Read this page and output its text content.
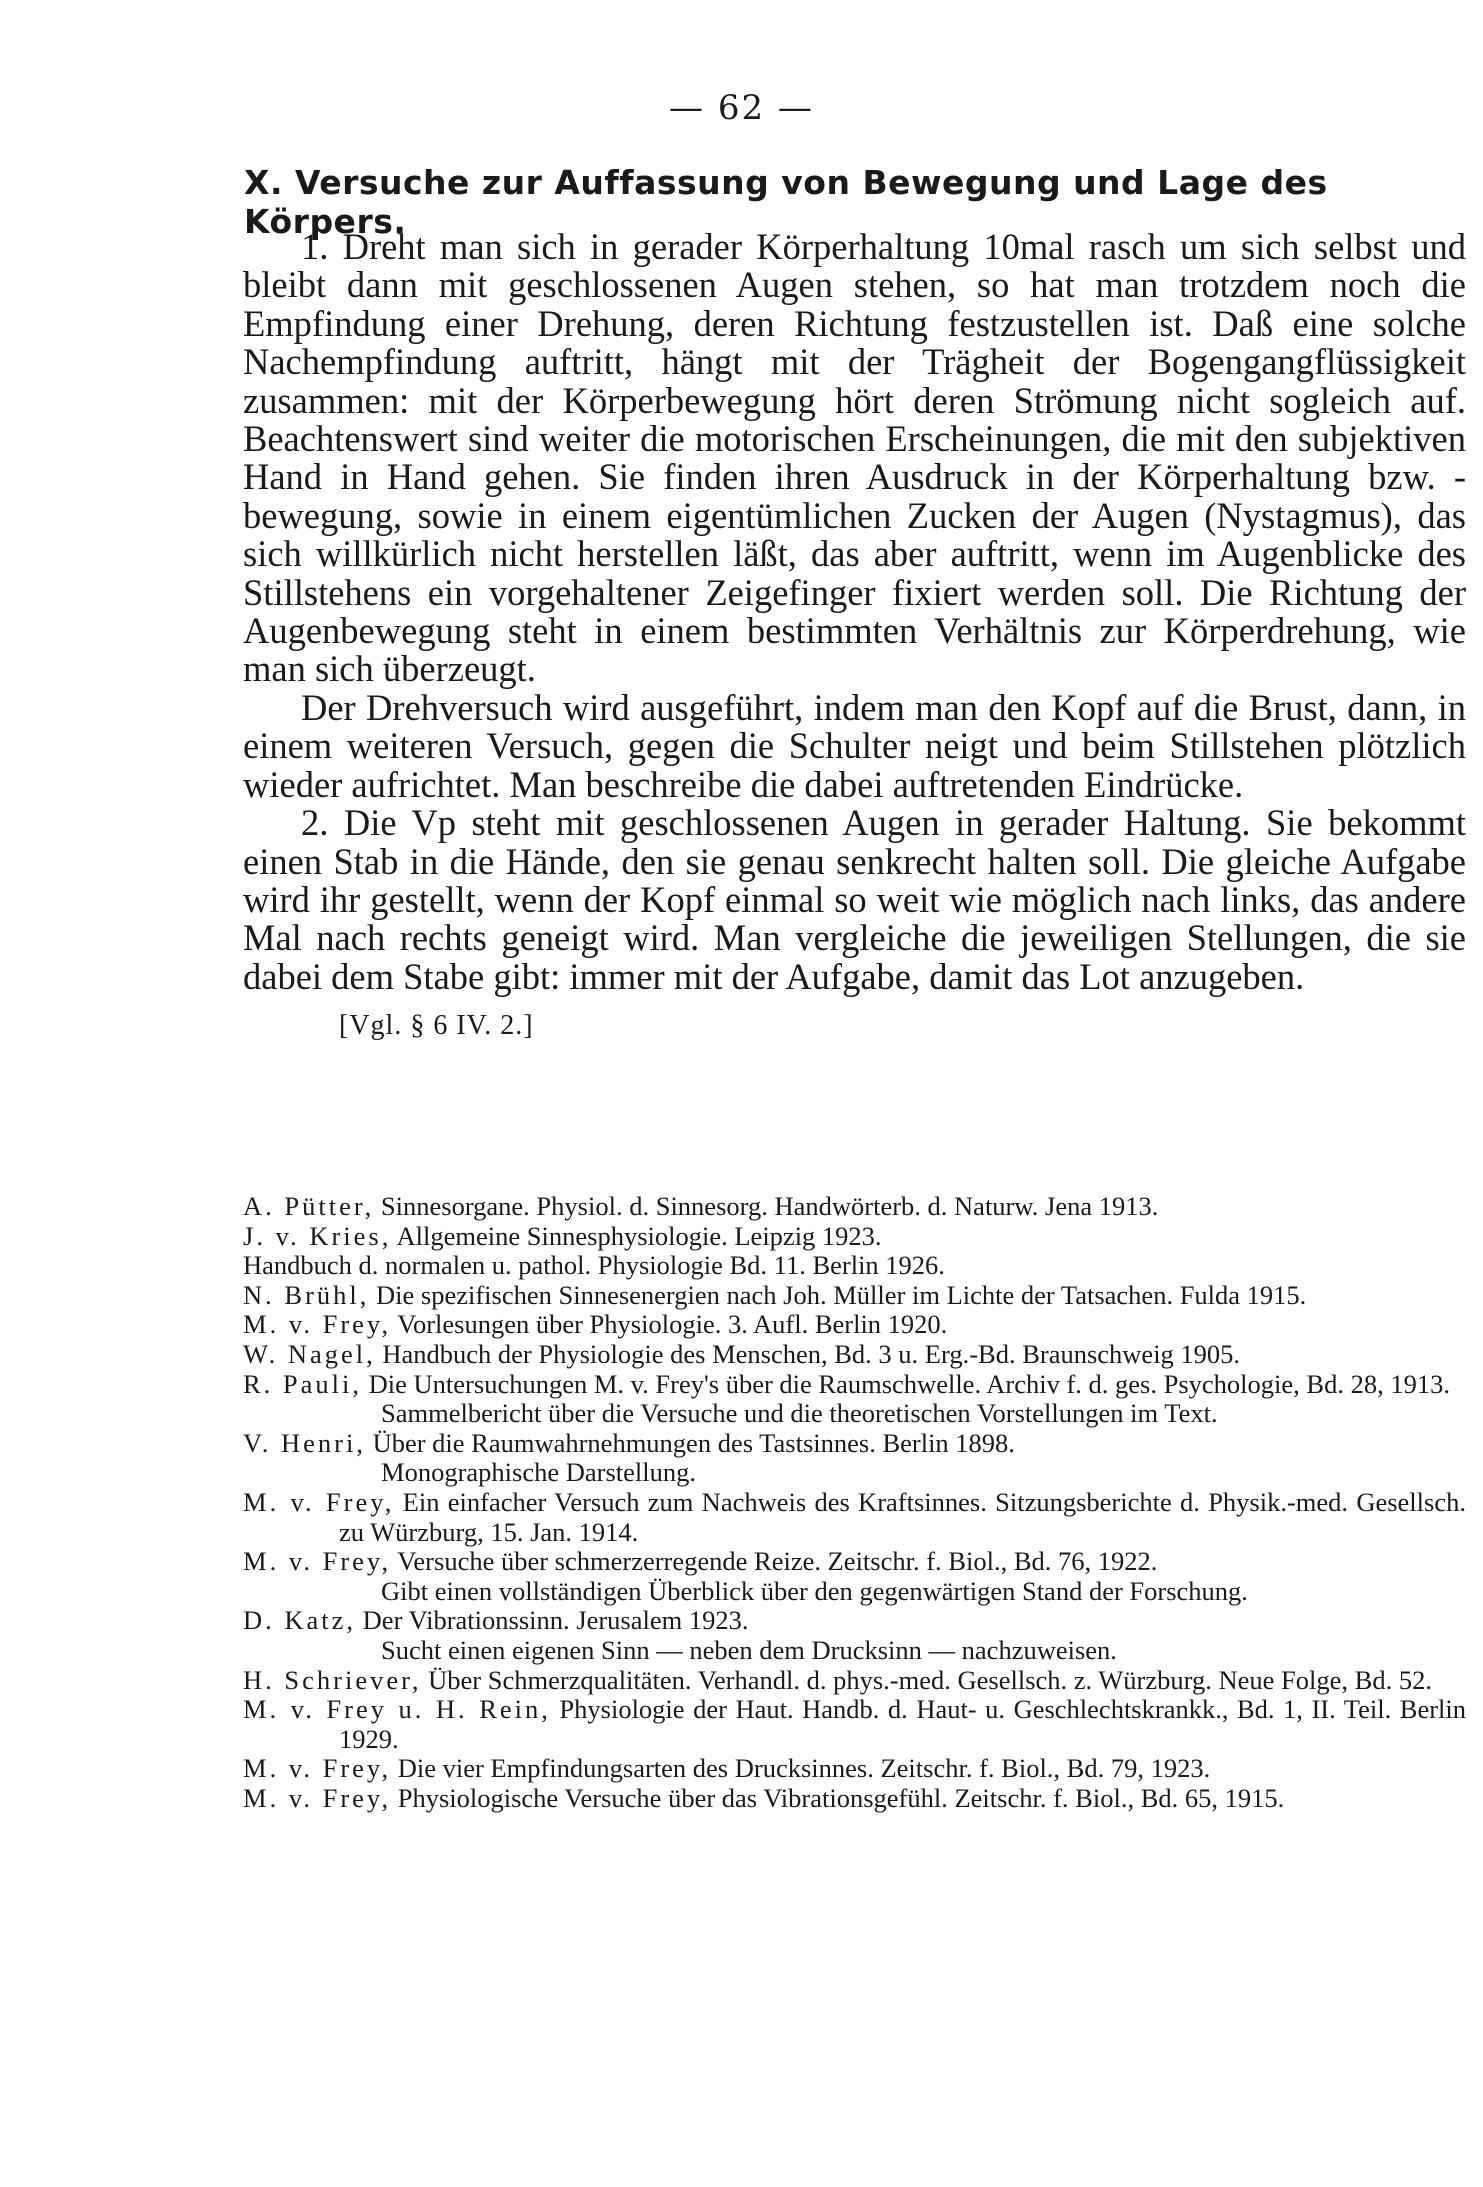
— 62 —
X. Versuche zur Auffassung von Bewegung und Lage des Körpers.

1. Dreht man sich in gerader Körperhaltung 10mal rasch um sich selbst und bleibt dann mit geschlossenen Augen stehen, so hat man trotzdem noch die Empfindung einer Drehung, deren Richtung festzustellen ist. Daß eine solche Nachempfindung auftritt, hängt mit der Trägheit der Bogengangflüssigkeit zusammen: mit der Körperbewegung hört deren Strömung nicht sogleich auf. Beachtenswert sind weiter die motorischen Erscheinungen, die mit den subjektiven Hand in Hand gehen. Sie finden ihren Ausdruck in der Körperhaltung bzw. -bewegung, sowie in einem eigentümlichen Zucken der Augen (Nystagmus), das sich willkürlich nicht herstellen läßt, das aber auftritt, wenn im Augenblicke des Stillstehens ein vorgehaltener Zeigefinger fixiert werden soll. Die Richtung der Augenbewegung steht in einem bestimmten Verhältnis zur Körperdrehung, wie man sich überzeugt.

Der Drehversuch wird ausgeführt, indem man den Kopf auf die Brust, dann, in einem weiteren Versuch, gegen die Schulter neigt und beim Stillstehen plötzlich wieder aufrichtet. Man beschreibe die dabei auftretenden Eindrücke.

2. Die Vp steht mit geschlossenen Augen in gerader Haltung. Sie bekommt einen Stab in die Hände, den sie genau senkrecht halten soll. Die gleiche Aufgabe wird ihr gestellt, wenn der Kopf einmal so weit wie möglich nach links, das andere Mal nach rechts geneigt wird. Man vergleiche die jeweiligen Stellungen, die sie dabei dem Stabe gibt: immer mit der Aufgabe, damit das Lot anzugeben.

[Vgl. § 6 IV. 2.]
A. Pütter, Sinnesorgane. Physiol. d. Sinnesorg. Handwörterb. d. Naturw. Jena 1913.
J. v. Kries, Allgemeine Sinnesphysiologie. Leipzig 1923.
Handbuch d. normalen u. pathol. Physiologie Bd. 11. Berlin 1926.
N. Brühl, Die spezifischen Sinnesenergien nach Joh. Müller im Lichte der Tatsachen. Fulda 1915.
M. v. Frey, Vorlesungen über Physiologie. 3. Aufl. Berlin 1920.
W. Nagel, Handbuch der Physiologie des Menschen, Bd. 3 u. Erg.-Bd. Braunschweig 1905.
R. Pauli, Die Untersuchungen M. v. Frey's über die Raumschwelle. Archiv f. d. ges. Psychologie, Bd. 28, 1913.
Sammelbericht über die Versuche und die theoretischen Vorstellungen im Text.
V. Henri, Über die Raumwahrnehmungen des Tastsinnes. Berlin 1898.
Monographische Darstellung.
M. v. Frey, Ein einfacher Versuch zum Nachweis des Kraftsinnes. Sitzungsberichte d. Physik.-med. Gesellsch. zu Würzburg, 15. Jan. 1914.
M. v. Frey, Versuche über schmerzerregende Reize. Zeitschr. f. Biol., Bd. 76, 1922.
Gibt einen vollständigen Überblick über den gegenwärtigen Stand der Forschung.
D. Katz, Der Vibrationssinn. Jerusalem 1923.
Sucht einen eigenen Sinn — neben dem Drucksinn — nachzuweisen.
H. Schriever, Über Schmerzqualitäten. Verhandl. d. phys.-med. Gesellsch. z. Würzburg. Neue Folge, Bd. 52.
M. v. Frey u. H. Rein, Physiologie der Haut. Handb. d. Haut- u. Geschlechtskrankk., Bd. 1, II. Teil. Berlin 1929.
M. v. Frey, Die vier Empfindungsarten des Drucksinnes. Zeitschr. f. Biol., Bd. 79, 1923.
M. v. Frey, Physiologische Versuche über das Vibrationsgefühl. Zeitschr. f. Biol., Bd. 65, 1915.
